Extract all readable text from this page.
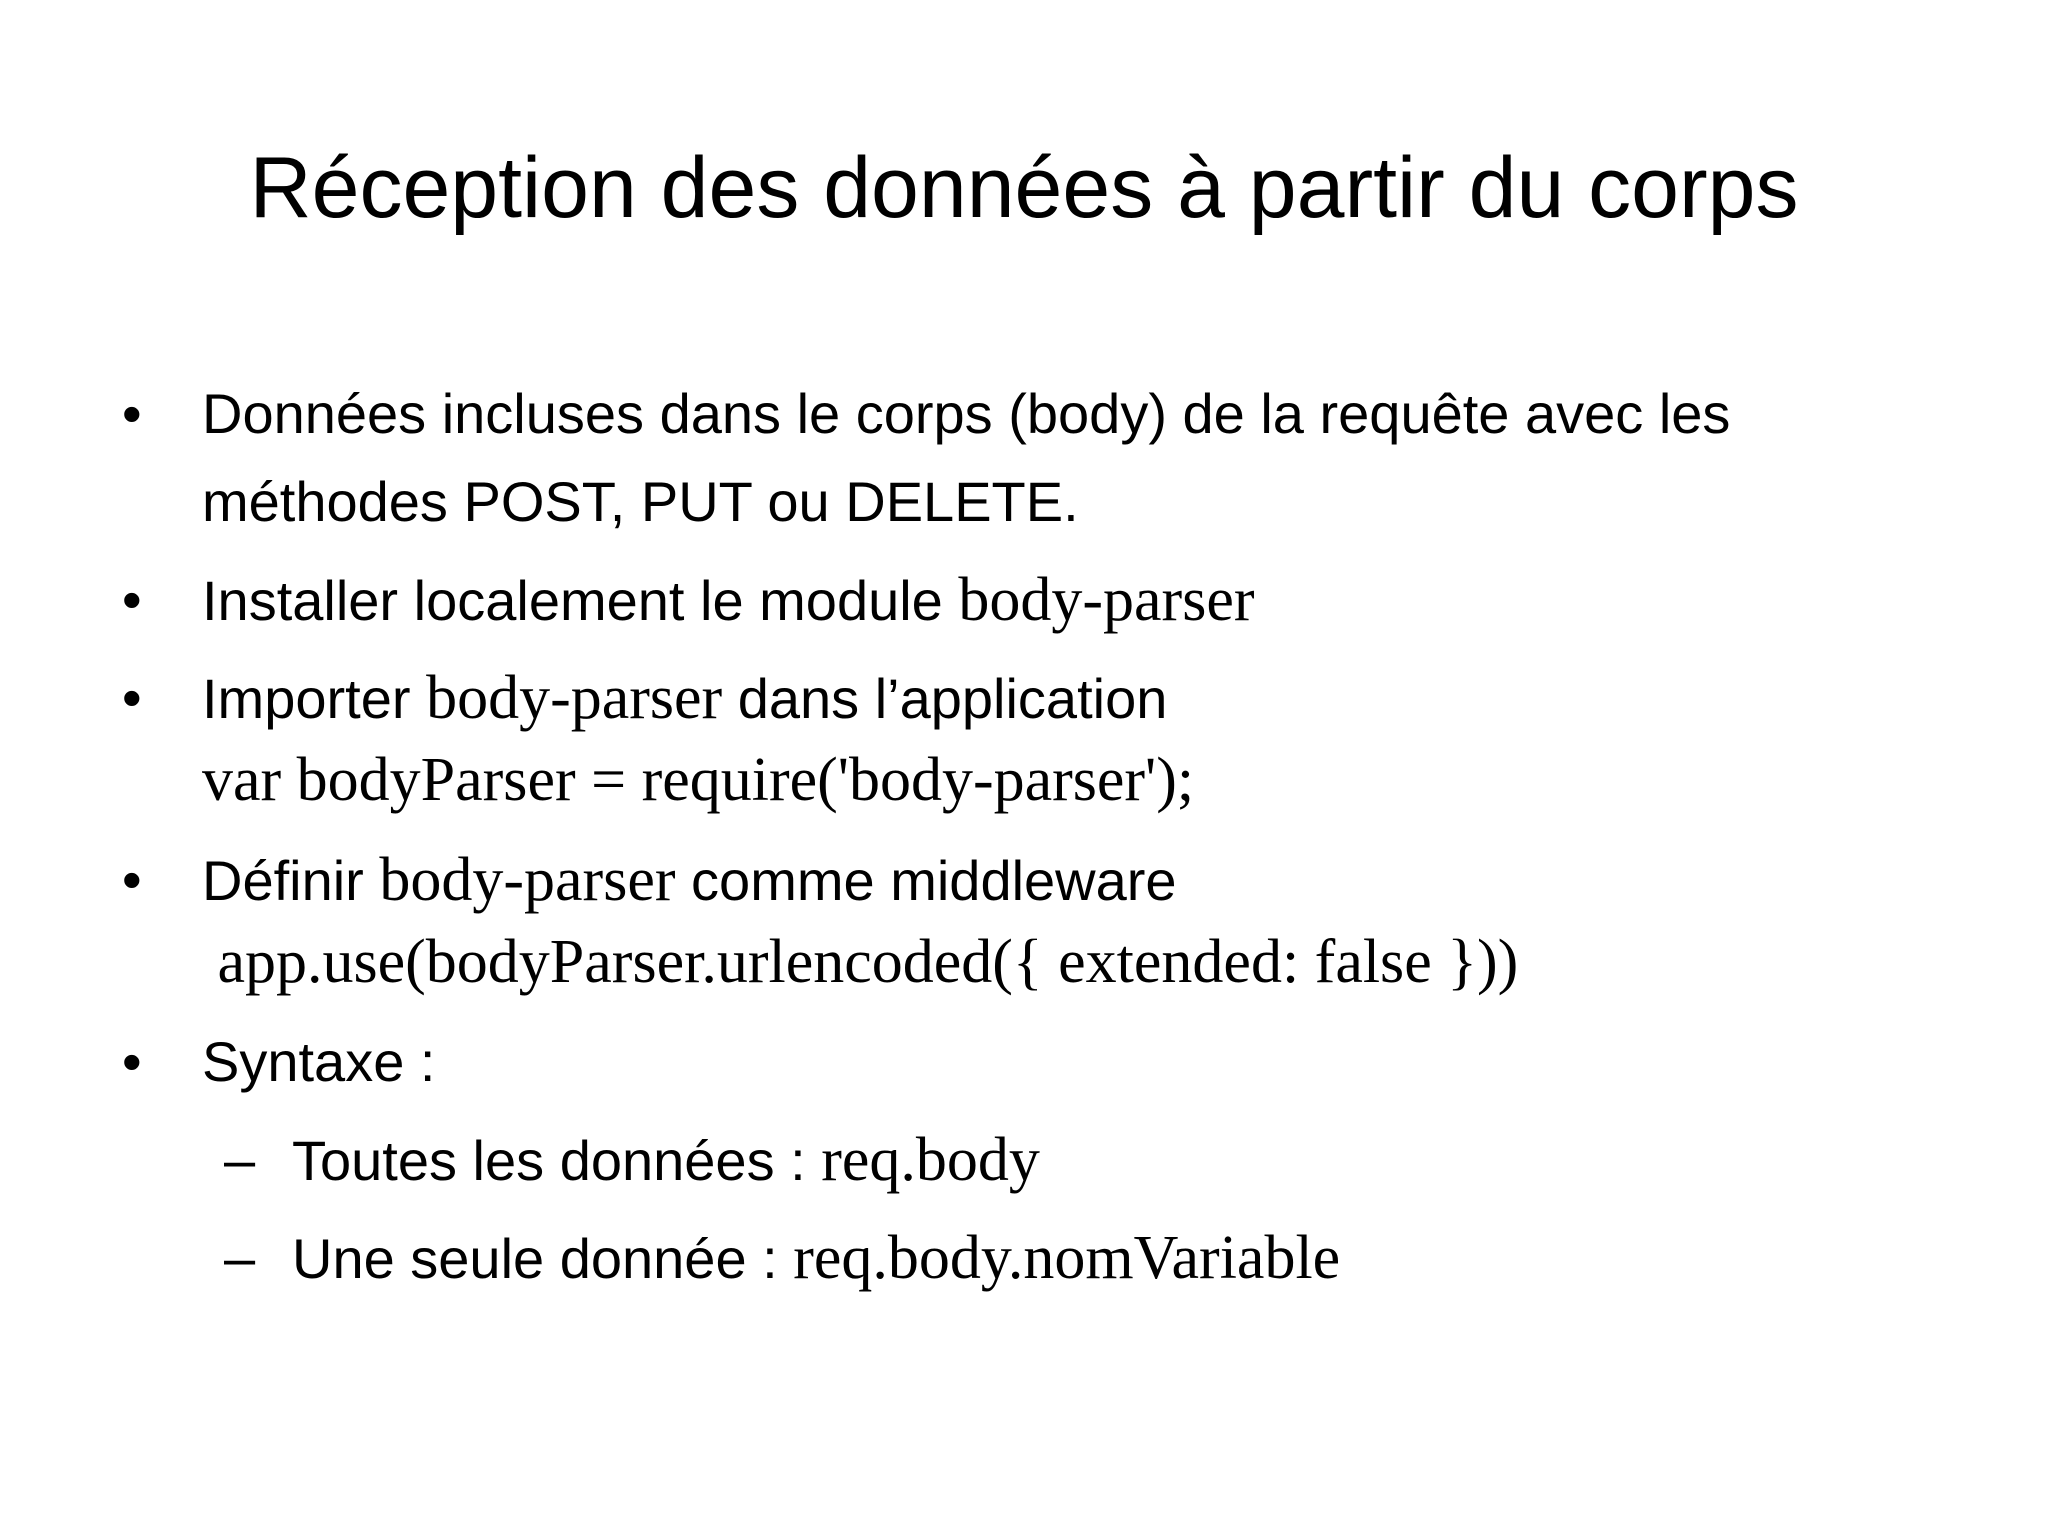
Réception des données à partir du corps
• Données incluses dans le corps (body) de la requête avec les
méthodes POST, PUT ou DELETE.
• Installer localement le module body-parser
• Importer body-parser dans l’application
var bodyParser = require('body-parser');
• Définir body-parser comme middleware
app.use(bodyParser.urlencoded({ extended: false }))
• Syntaxe :
– Toutes les données : req.body
– Une seule donnée : req.body.nomVariable
